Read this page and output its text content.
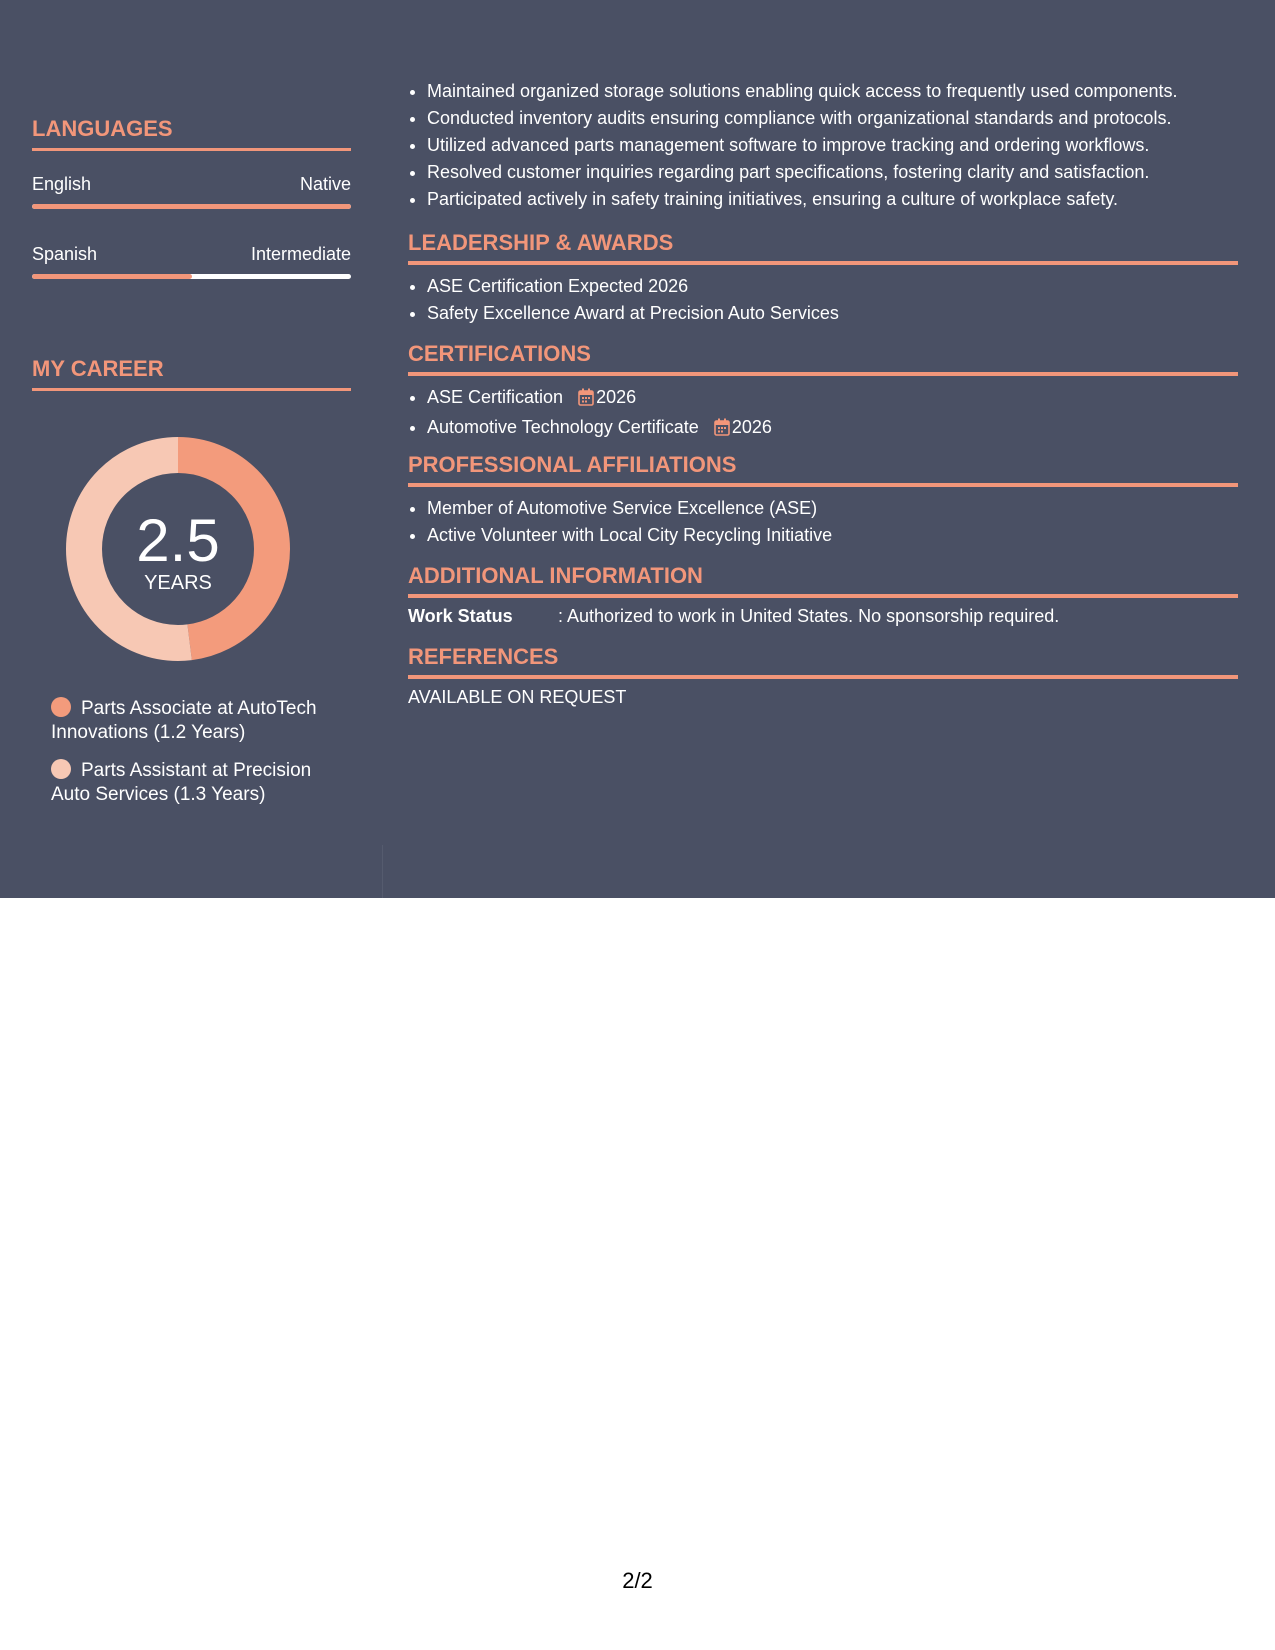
LANGUAGES
English	Native
Spanish	Intermediate
MY CAREER
2.5
YEARS
Parts Associate at AutoTech Innovations (1.2 Years)
Parts Assistant at Precision Auto Services (1.3 Years)
• Maintained organized storage solutions enabling quick access to frequently used components.
• Conducted inventory audits ensuring compliance with organizational standards and protocols.
• Utilized advanced parts management software to improve tracking and ordering workflows.
• Resolved customer inquiries regarding part specifications, fostering clarity and satisfaction.
• Participated actively in safety training initiatives, ensuring a culture of workplace safety.
LEADERSHIP & AWARDS
• ASE Certification Expected 2026
• Safety Excellence Award at Precision Auto Services
CERTIFICATIONS
• ASE Certification 2026
• Automotive Technology Certificate 2026
PROFESSIONAL AFFILIATIONS
• Member of Automotive Service Excellence (ASE)
• Active Volunteer with Local City Recycling Initiative
ADDITIONAL INFORMATION
Work Status	: Authorized to work in United States. No sponsorship required.
REFERENCES
AVAILABLE ON REQUEST
2/2
